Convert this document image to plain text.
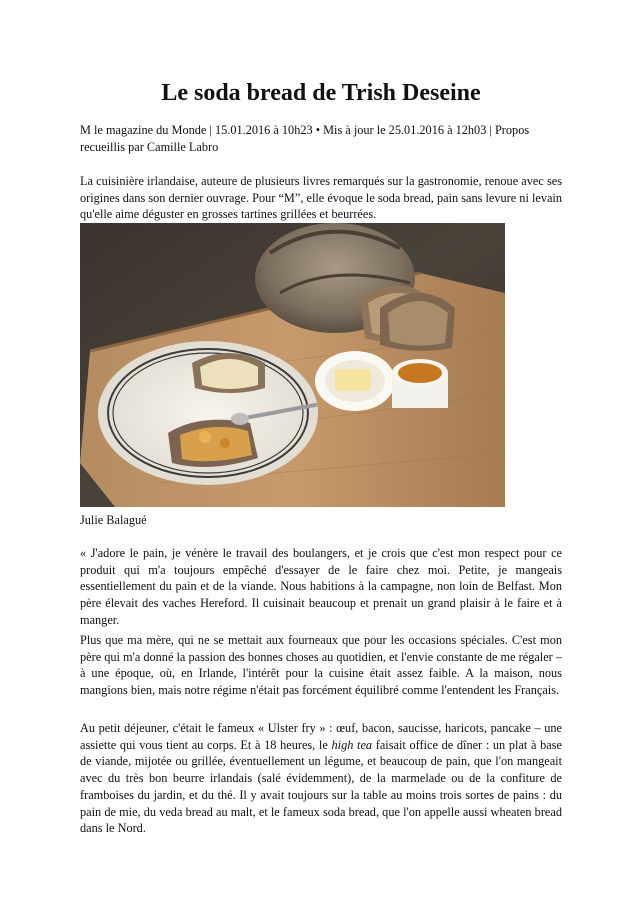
Le soda bread de Trish Deseine

M le magazine du Monde | 15.01.2016 à 10h23 • Mis à jour le 25.01.2016 à 12h03 | Propos recueillis par Camille Labro

La cuisinière irlandaise, auteure de plusieurs livres remarqués sur la gastronomie, renoue avec ses origines dans son dernier ouvrage. Pour “M”, elle évoque le soda bread, pain sans levure ni levain qu'elle aime déguster en grosses tartines grillées et beurrées.

Julie Balagué

« J'adore le pain, je vénère le travail des boulangers, et je crois que c'est mon respect pour ce produit qui m'a toujours empêché d'essayer de le faire chez moi. Petite, je mangeais essentiellement du pain et de la viande. Nous habitions à la campagne, non loin de Belfast. Mon père élevait des vaches Hereford. Il cuisinait beaucoup et prenait un grand plaisir à le faire et à manger.

Plus que ma mère, qui ne se mettait aux fourneaux que pour les occasions spéciales. C'est mon père qui m'a donné la passion des bonnes choses au quotidien, et l'envie constante de me régaler – à une époque, où, en Irlande, l'intérêt pour la cuisine était assez faible. A la maison, nous mangions bien, mais notre régime n'était pas forcément équilibré comme l'entendent les Français.

Au petit déjeuner, c'était le fameux « Ulster fry » : œuf, bacon, saucisse, haricots, pancake – une assiette qui vous tient au corps. Et à 18 heures, le high tea faisait office de dîner : un plat à base de viande, mijotée ou grillée, éventuellement un légume, et beaucoup de pain, que l'on mangeait avec du très bon beurre irlandais (salé évidemment), de la marmelade ou de la confiture de framboises du jardin, et du thé. Il y avait toujours sur la table au moins trois sortes de pains : du pain de mie, du veda bread au malt, et le fameux soda bread, que l'on appelle aussi wheaten bread dans le Nord.
